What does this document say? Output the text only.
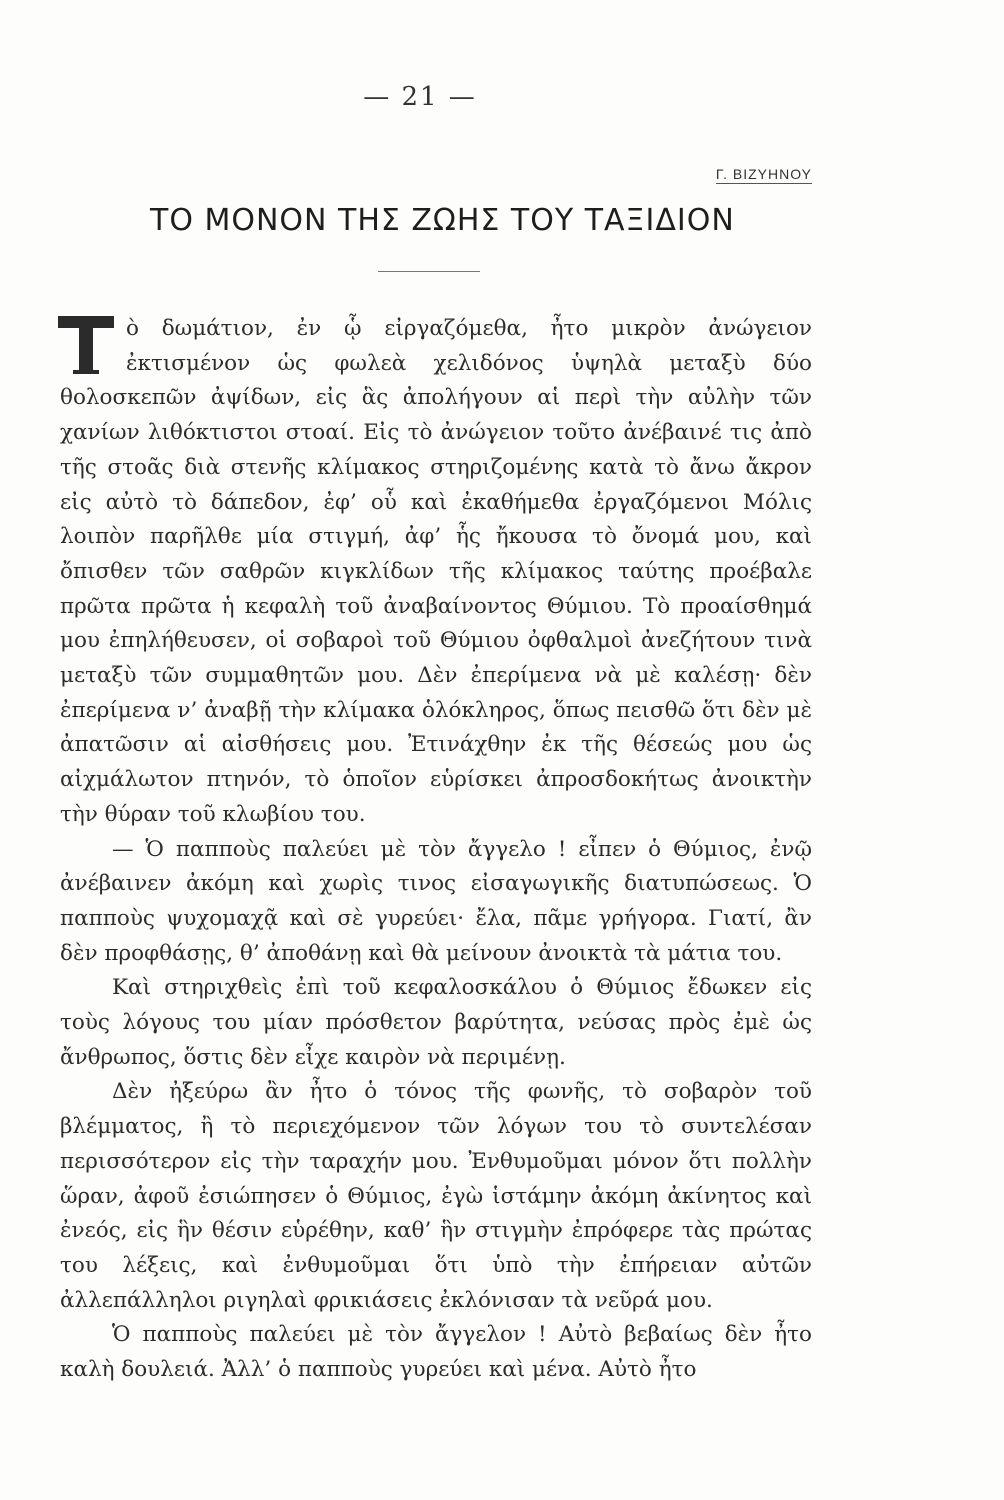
— 21 —
Γ. ΒΙΖΥΗΝΟΥ
ΤΟ ΜΟΝΟΝ ΤΗΣ ΖΩΗΣ ΤΟΥ ΤΑΞΙΔΙΟΝ

ὸ δωμάτιον, ἐν ᾧ εἰργαζόμεθα, ἦτο μικρὸν ἀνώγειον ἐκτισμένον ὡς φωλεὰ χελιδόνος ὑψηλὰ μεταξὺ δύο θολοσκεπῶν ἀψίδων, εἰς ἃς ἀπολήγουν αἱ περὶ τὴν αὐλὴν τῶν χανίων λιθόκτιστοι στοαί. Εἰς τὸ ἀνώγειον τοῦτο ἀνέβαινέ τις ἀπὸ τῆς στοᾶς διὰ στενῆς κλίμακος στηριζομένης κατὰ τὸ ἄνω ἄκρον εἰς αὐτὸ τὸ δάπεδον, ἐφ’ οὗ καὶ ἐκαθήμεθα ἐργαζόμενοι Μόλις λοιπὸν παρῆλθε μία στιγμή, ἀφ’ ἧς ἤκουσα τὸ ὄνομά μου, καὶ ὄπισθεν τῶν σαθρῶν κιγκλίδων τῆς κλίμακος ταύτης προέβαλε πρῶτα πρῶτα ἡ κεφαλὴ τοῦ ἀναβαίνοντος Θύμιου. Τὸ προαίσθημά μου ἐπηλήθευσεν, οἱ σοβαροὶ τοῦ Θύμιου ὀφθαλμοὶ ἀνεζήτουν τινὰ μεταξὺ τῶν συμμαθητῶν μου. Δὲν ἐπερίμενα νὰ μὲ καλέσῃ· δὲν ἐπερίμενα ν’ ἀναβῇ τὴν κλίμακα ὁλόκληρος, ὅπως πεισθῶ ὅτι δὲν μὲ ἀπατῶσιν αἱ αἰσθήσεις μου. Ἐτινάχθην ἐκ τῆς θέσεώς μου ὡς αἰχμάλωτον πτηνόν, τὸ ὁποῖον εὑρίσκει ἀπροσδοκήτως ἀνοικτὴν τὴν θύραν τοῦ κλωβίου του.

— Ὁ παπποὺς παλεύει μὲ τὸν ἄγγελο ! εἶπεν ὁ Θύμιος, ἐνῷ ἀνέβαινεν ἀκόμη καὶ χωρὶς τινος εἰσαγωγικῆς διατυπώσεως. Ὁ παπποὺς ψυχομαχᾷ καὶ σὲ γυρεύει· ἔλα, πᾶμε γρήγορα. Γιατί, ἂν δὲν προφθάσῃς, θ’ ἀποθάνῃ καὶ θὰ μείνουν ἀνοικτὰ τὰ μάτια του.

Καὶ στηριχθεὶς ἐπὶ τοῦ κεφαλοσκάλου ὁ Θύμιος ἔδωκεν εἰς τοὺς λόγους του μίαν πρόσθετον βαρύτητα, νεύσας πρὸς ἐμὲ ὡς ἄνθρωπος, ὅστις δὲν εἶχε καιρὸν νὰ περιμένῃ.

Δὲν ἠξεύρω ἂν ἦτο ὁ τόνος τῆς φωνῆς, τὸ σοβαρὸν τοῦ βλέμματος, ἢ τὸ περιεχόμενον τῶν λόγων του τὸ συντελέσαν περισσότερον εἰς τὴν ταραχήν μου. Ἐνθυμοῦμαι μόνον ὅτι πολλὴν ὥραν, ἀφοῦ ἐσιώπησεν ὁ Θύμιος, ἐγὼ ἱστάμην ἀκόμη ἀκίνητος καὶ ἐνεός, εἰς ἣν θέσιν εὑρέθην, καθ’ ἣν στιγμὴν ἐπρόφερε τὰς πρώτας του λέξεις, καὶ ἐνθυμοῦμαι ὅτι ὑπὸ τὴν ἐπήρειαν αὐτῶν ἀλλεπάλληλοι ριγηλαὶ φρικιάσεις ἐκλόνισαν τὰ νεῦρά μου.

Ὁ παπποὺς παλεύει μὲ τὸν ἄγγελον ! Αὐτὸ βεβαίως δὲν ἦτο καλὴ δουλειά. Ἀλλ’ ὁ παπποὺς γυρεύει καὶ μένα. Αὐτὸ ἦτο
